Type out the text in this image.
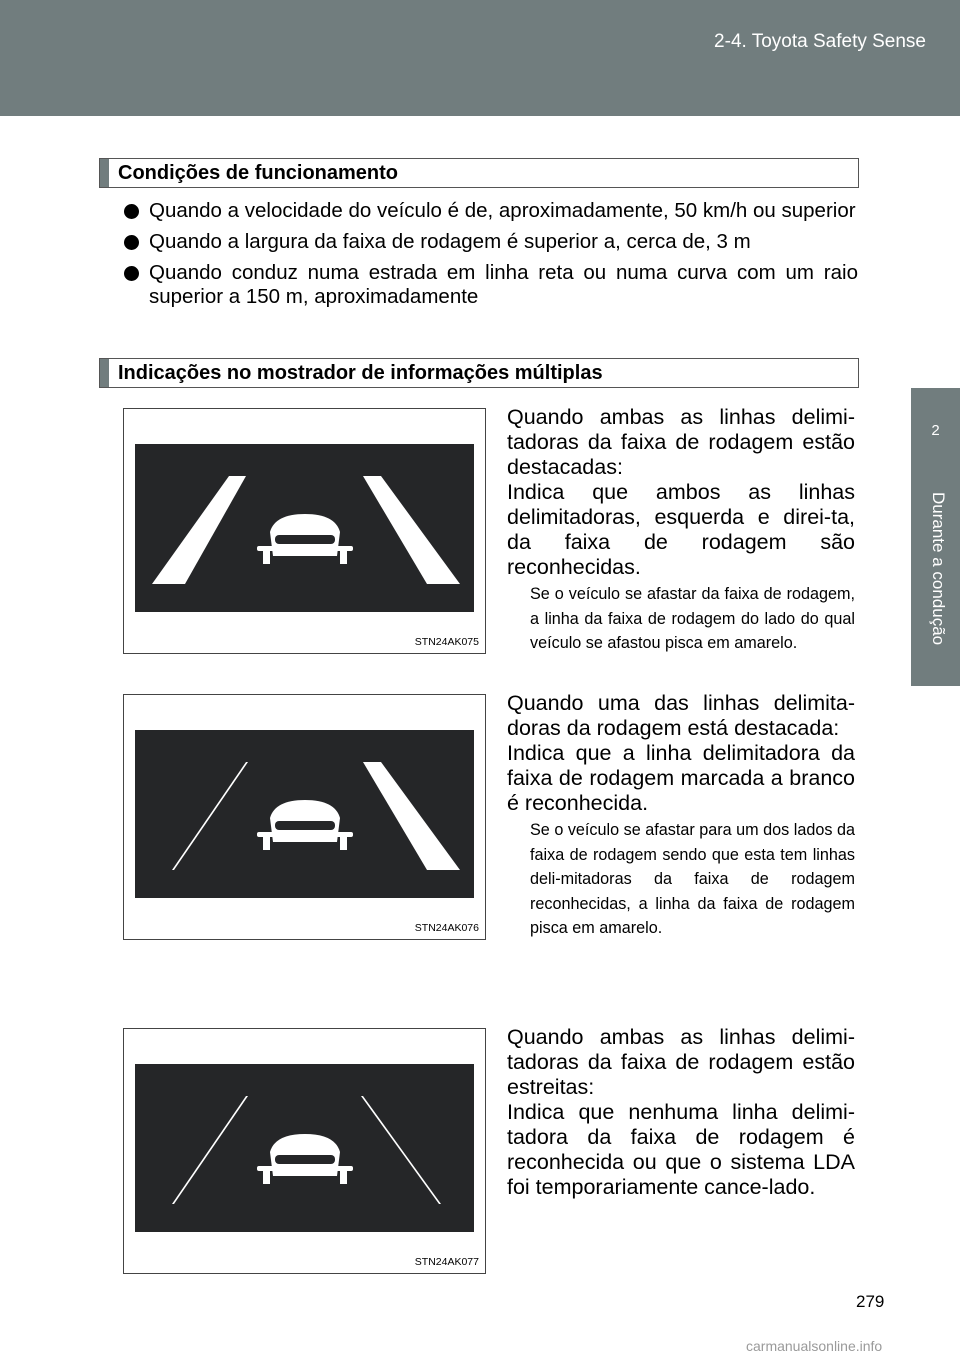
2-4. Toyota Safety Sense
2
Durante a condução
Condições de funcionamento
Quando a velocidade do veículo é de, aproximadamente, 50 km/h ou superior
Quando a largura da faixa de rodagem é superior a, cerca de, 3 m
Quando conduz numa estrada em linha reta ou numa curva com um raio superior a 150 m, aproximadamente
Indicações no mostrador de informações múltiplas
STN24AK075

Quando ambas as linhas delimi-tadoras da faixa de rodagem estão destacadas:

Indica que ambos as linhas delimitadoras, esquerda e direi-ta, da faixa de rodagem são reconhecidas.

Se o veículo se afastar da faixa de rodagem, a linha da faixa de rodagem do lado do qual veículo se afastou pisca em amarelo.

STN24AK076

Quando uma das linhas delimita-doras da rodagem está destacada:

Indica que a linha delimitadora da faixa de rodagem marcada a branco é reconhecida.

Se o veículo se afastar para um dos lados da faixa de rodagem sendo que esta tem linhas deli-mitadoras da faixa de rodagem reconhecidas, a linha da faixa de rodagem pisca em amarelo.

STN24AK077

Quando ambas as linhas delimi-tadoras da faixa de rodagem estão estreitas:

Indica que nenhuma linha delimi-tadora da faixa de rodagem é reconhecida ou que o sistema LDA foi temporariamente cance-lado.

279
carmanualsonline.info
